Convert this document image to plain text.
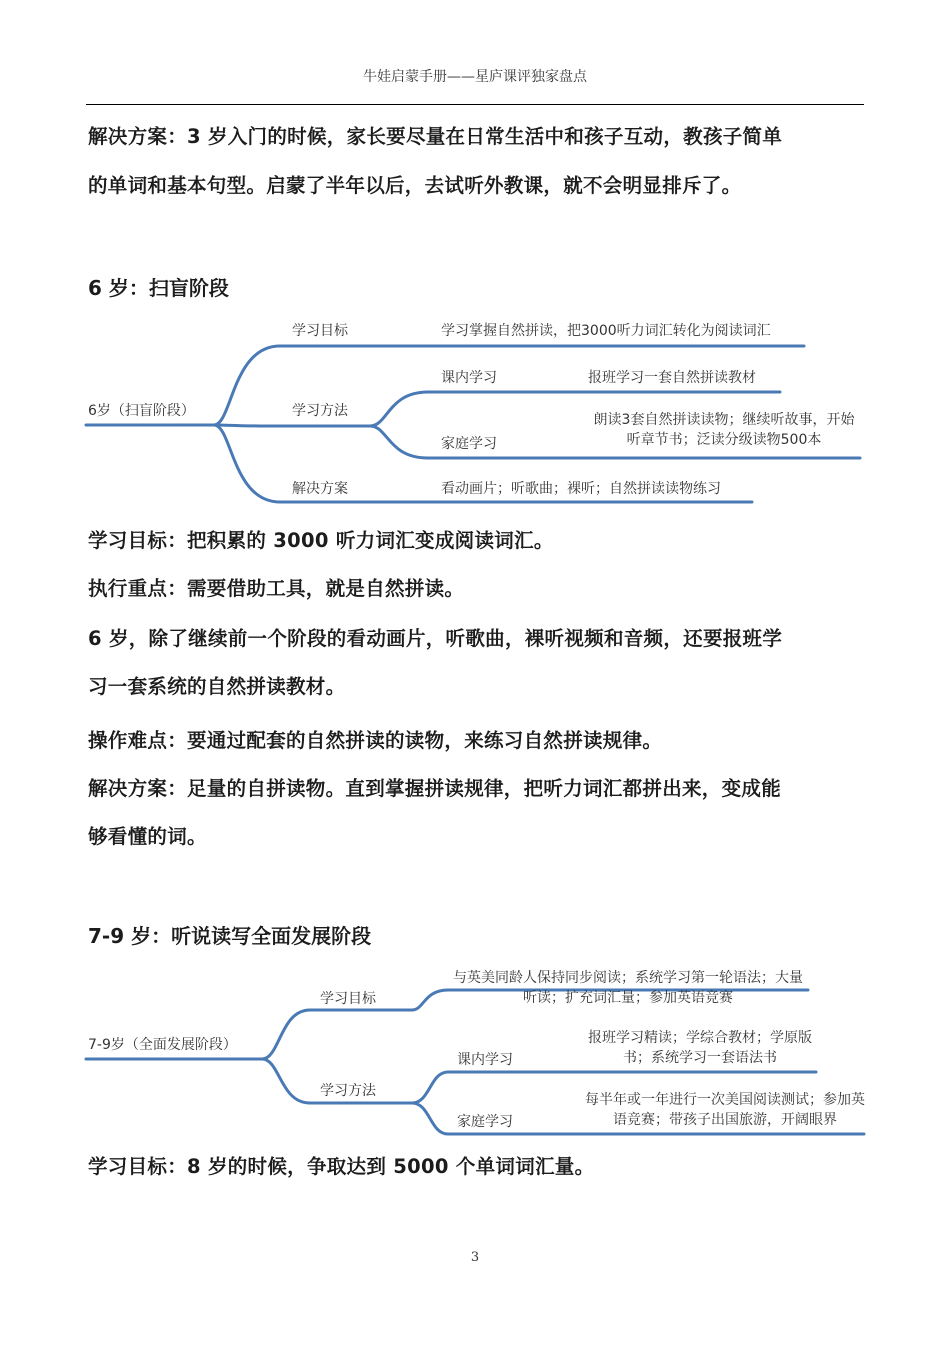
牛娃启蒙手册——星庐课评独家盘点
解决方案：3 岁入门的时候，家长要尽量在日常生活中和孩子互动，教孩子简单
的单词和基本句型。启蒙了半年以后，去试听外教课，就不会明显排斥了。
6 岁：扫盲阶段
6岁（扫盲阶段）
学习目标	学习掌握自然拼读，把3000听力词汇转化为阅读词汇
学习方法
课内学习	报班学习一套自然拼读教材
家庭学习
朗读3套自然拼读读物；继续听故事，开始听章节书；泛读分级读物500本
解决方案	看动画片；听歌曲；裸听；自然拼读读物练习
学习目标：把积累的 3000 听力词汇变成阅读词汇。
执行重点：需要借助工具，就是自然拼读。
6 岁，除了继续前一个阶段的看动画片，听歌曲，裸听视频和音频，还要报班学
习一套系统的自然拼读教材。
操作难点：要通过配套的自然拼读的读物，来练习自然拼读规律。
解决方案：足量的自拼读物。直到掌握拼读规律，把听力词汇都拼出来，变成能
够看懂的词。
7-9 岁：听说读写全面发展阶段
7-9岁（全面发展阶段）
学习目标
与英美同龄人保持同步阅读；系统学习第一轮语法；大量听读；扩充词汇量；参加英语竞赛
学习方法
课内学习
报班学习精读；学综合教材；学原版书；系统学习一套语法书
家庭学习
每半年或一年进行一次美国阅读测试；参加英语竞赛；带孩子出国旅游，开阔眼界
学习目标：8 岁的时候，争取达到 5000 个单词词汇量。
3
